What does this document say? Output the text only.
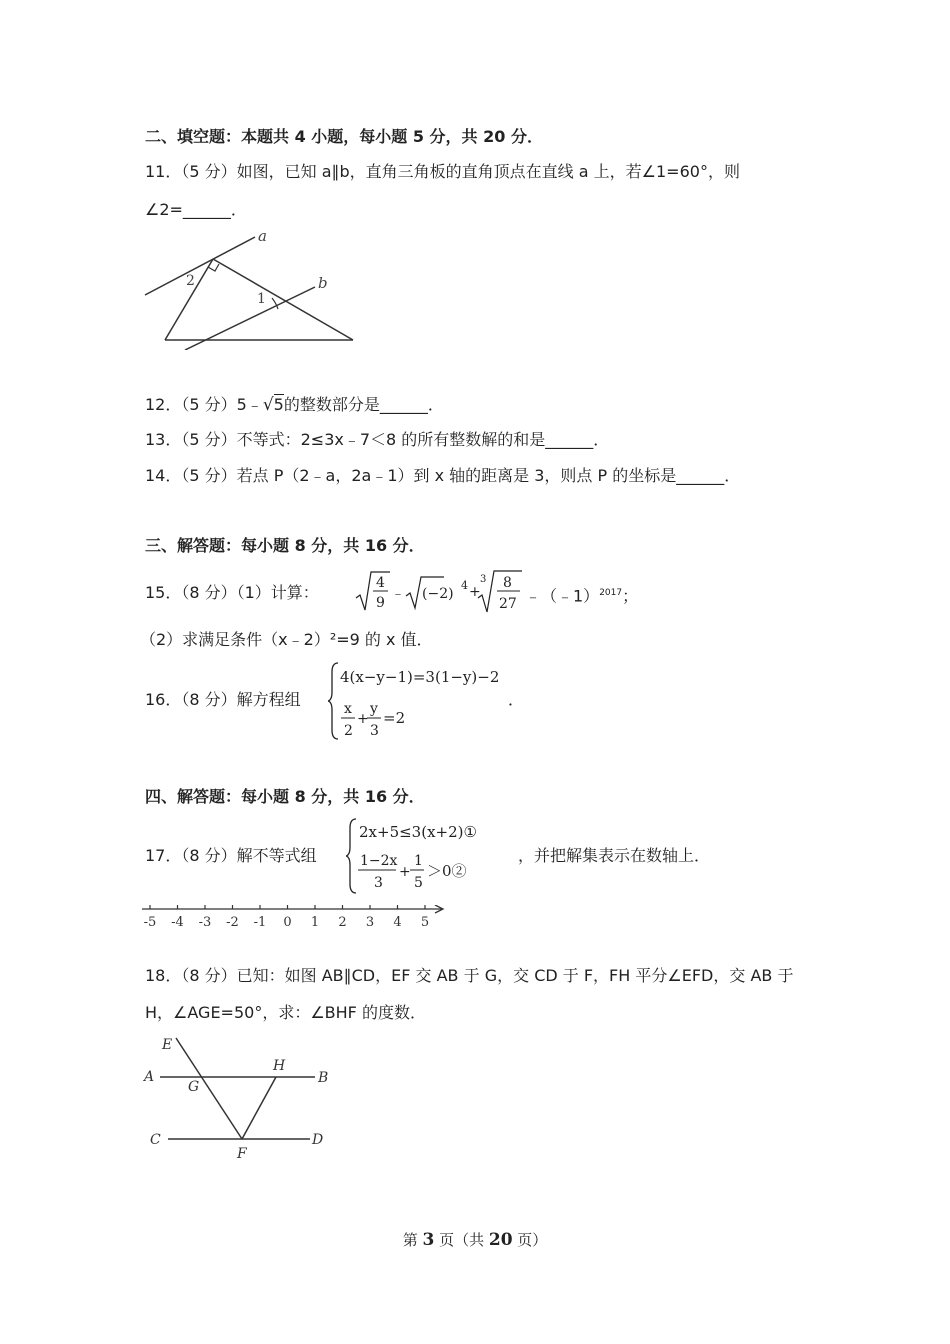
二、填空题：本题共 4 小题，每小题 5 分，共 20 分．
11．（5 分）如图，已知 a∥b，直角三角板的直角顶点在直线 a 上，若∠1=60°，则
∠2=______．
a
b
1
2
12．（5 分）5﹣√5的整数部分是______．
13．（5 分）不等式：2≤3x﹣7＜8 的所有整数解的和是______．
14．（5 分）若点 P（2﹣a，2a﹣1）到 x 轴的距离是 3，则点 P 的坐标是______．
三、解答题：每小题 8 分，共 16 分．
15．（8 分）（1）计算：	4
9
﹣ (−2)
4 +
3 8
27 ﹣（﹣1）$^{2017}$；
（2）求满足条件（x﹣2）²=9 的 x 值．
16．（8 分）解方程组
4(x−y−1)=3(1−y)−2
x
2
+
y
3
=2
．
四、解答题：每小题 8 分，共 16 分．
17．（8 分）解不等式组
2x+5≤3(x+2)①
1−2x
3
+
1
5
＞0②
，并把解集表示在数轴上．
-5 -4 -3 -2 -1 0 1 2 3 4 5
18．（8 分）已知：如图 AB∥CD，EF 交 AB 于 G，交 CD 于 F，FH 平分∠EFD，交 AB 于
H，∠AGE=50°，求：∠BHF 的度数．
E
A
G
H
B
C	D
F
第 3 页（共 20 页）
